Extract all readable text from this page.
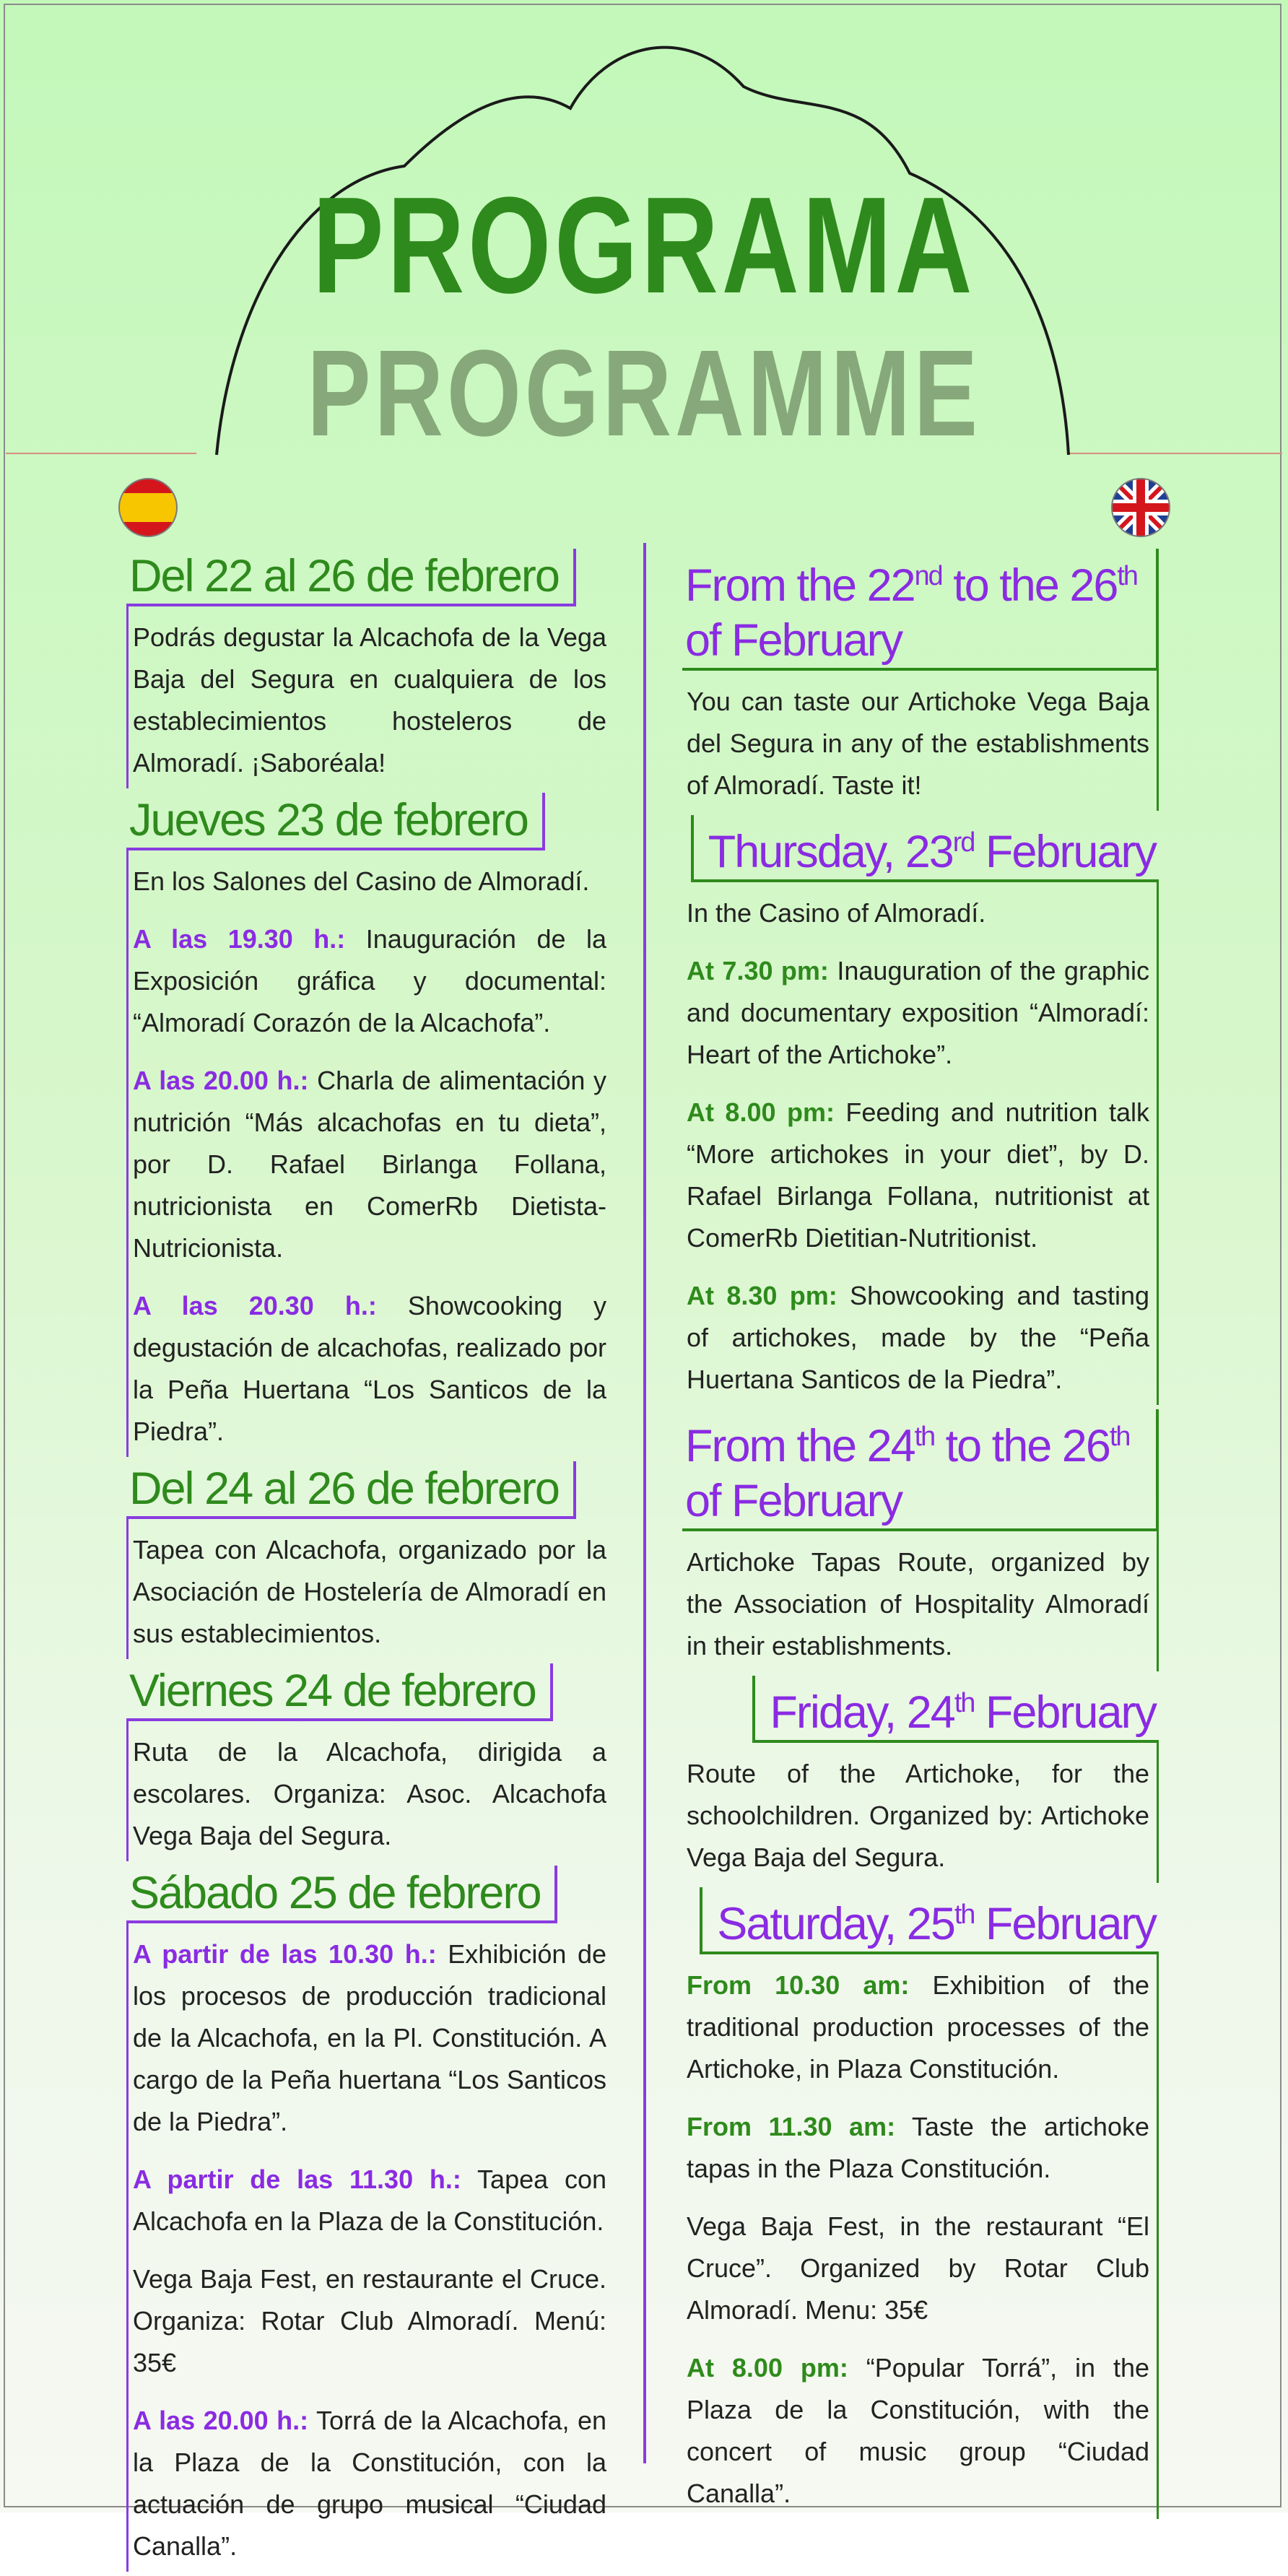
PROGRAMA
PROGRAMME
Del 22 al 26 de febrero

Podrás degustar la Alcachofa de la Vega Baja del Segura en cualquiera de los establecimientos hosteleros de Almoradí. ¡Saboréala!

Jueves 23 de febrero

En los Salones del Casino de Almoradí.

A las 19.30 h.: Inauguración de la Exposición gráfica y documental: “Almoradí Corazón de la Alcachofa”.

A las 20.00 h.: Charla de alimentación y nutrición “Más alcachofas en tu dieta”, por D. Rafael Birlanga Follana, nutricionista en ComerRb Dietista-Nutricionista.

A las 20.30 h.: Showcooking y degustación de alcachofas, realizado por la Peña Huertana “Los Santicos de la Piedra”.

Del 24 al 26 de febrero

Tapea con Alcachofa, organizado por la Asociación de Hostelería de Almoradí en sus establecimientos.

Viernes 24 de febrero

Ruta de la Alcachofa, dirigida a escolares. Organiza: Asoc. Alcachofa Vega Baja del Segura.

Sábado 25 de febrero

A partir de las 10.30 h.: Exhibición de los procesos de producción tradicional de la Alcachofa, en la Pl. Constitución. A cargo de la Peña huertana “Los Santicos de la Piedra”.

A partir de las 11.30 h.: Tapea con Alcachofa en la Plaza de la Constitución.

Vega Baja Fest, en restaurante el Cruce. Organiza: Rotar Club Almoradí. Menú: 35€

A las 20.00 h.: Torrá de la Alcachofa, en la Plaza de la Constitución, con la actuación de grupo musical “Ciudad Canalla”.

From the 22nd to the 26th of February

You can taste our Artichoke Vega Baja del Segura in any of the establishments of Almoradí. Taste it!

Thursday, 23rd February

In the Casino of Almoradí.

At 7.30 pm: Inauguration of the graphic and documentary exposition “Almoradí: Heart of the Artichoke”.

At 8.00 pm: Feeding and nutrition talk “More artichokes in your diet”, by D. Rafael Birlanga Follana, nutritionist at ComerRb Dietitian-Nutritionist.

At 8.30 pm: Showcooking and tasting of artichokes, made by the “Peña Huertana Santicos de la Piedra”.

From the 24th to the 26th of February

Artichoke Tapas Route, organized by the Association of Hospitality Almoradí in their establishments.

Friday, 24th February

Route of the Artichoke, for the schoolchildren. Organized by: Artichoke Vega Baja del Segura.

Saturday, 25th February

From 10.30 am: Exhibition of the traditional production processes of the Artichoke, in Plaza Constitución.

From 11.30 am: Taste the artichoke tapas in the Plaza Constitución.

Vega Baja Fest, in the restaurant “El Cruce”. Organized by Rotar Club Almoradí. Menu: 35€

At 8.00 pm: “Popular Torrá”, in the Plaza de la Constitución, with the concert of music group “Ciudad Canalla”.
